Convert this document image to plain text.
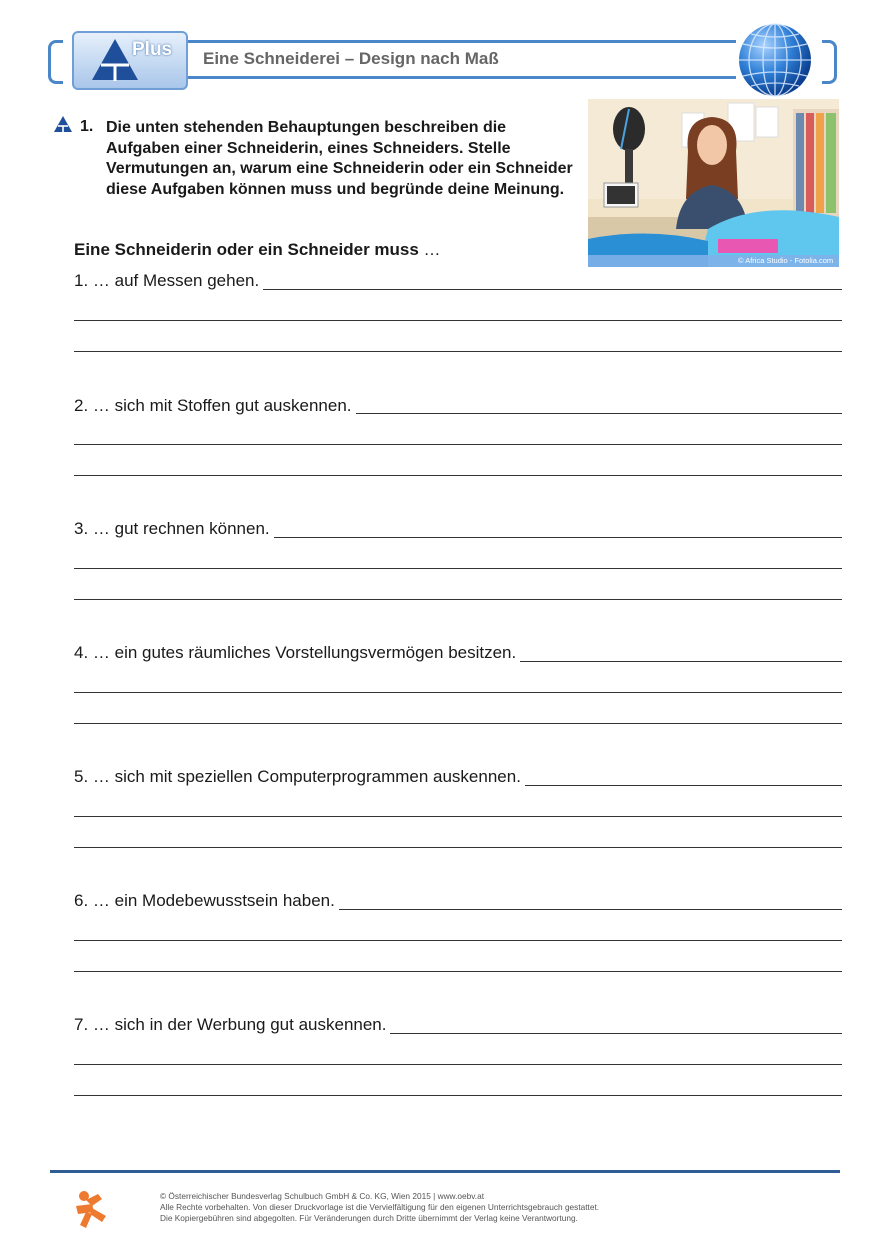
Plus Eine Schneiderei – Design nach Maß
1. Die unten stehenden Behauptungen beschreiben die Aufgaben einer Schneiderin, eines Schneiders. Stelle Vermutungen an, warum eine Schneiderin oder ein Schneider diese Aufgaben können muss und begründe deine Meinung.
© Africa Studio - Fotolia.com
Eine Schneiderin oder ein Schneider muss …
1. … auf Messen gehen.
2. … sich mit Stoffen gut auskennen.
3. … gut rechnen können.
4. … ein gutes räumliches Vorstellungsvermögen besitzen.
5. … sich mit speziellen Computerprogrammen auskennen.
6. … ein Modebewusstsein haben.
7. … sich in der Werbung gut auskennen.
© Österreichischer Bundesverlag Schulbuch GmbH & Co. KG, Wien 2015 | www.oebv.at
Alle Rechte vorbehalten. Von dieser Druckvorlage ist die Vervielfältigung für den eigenen Unterrichtsgebrauch gestattet.
Die Kopiergebühren sind abgegolten. Für Veränderungen durch Dritte übernimmt der Verlag keine Verantwortung.
